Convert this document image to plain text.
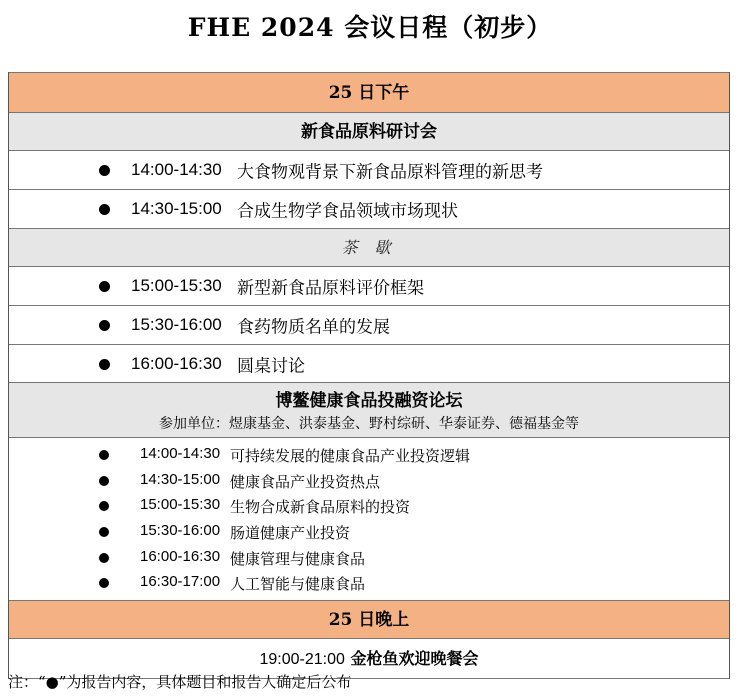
FHE 2024 会议日程（初步）
25 日下午
新食品原料研讨会
14:00-14:30 大食物观背景下新食品原料管理的新思考
14:30-15:00 合成生物学食品领域市场现状
茶 歇
15:00-15:30 新型新食品原料评价框架
15:30-16:00 食药物质名单的发展
16:00-16:30 圆桌讨论
博鳌健康食品投融资论坛
参加单位：煜康基金、洪泰基金、野村综研、华泰证券、德福基金等
14:00-14:30 可持续发展的健康食品产业投资逻辑
14:30-15:00 健康食品产业投资热点
15:00-15:30 生物合成新食品原料的投资
15:30-16:00 肠道健康产业投资
16:00-16:30 健康管理与健康食品
16:30-17:00 人工智能与健康食品
25 日晚上
19:00-21:00 金枪鱼欢迎晚餐会
注：“●”为报告内容，具体题目和报告人确定后公布
